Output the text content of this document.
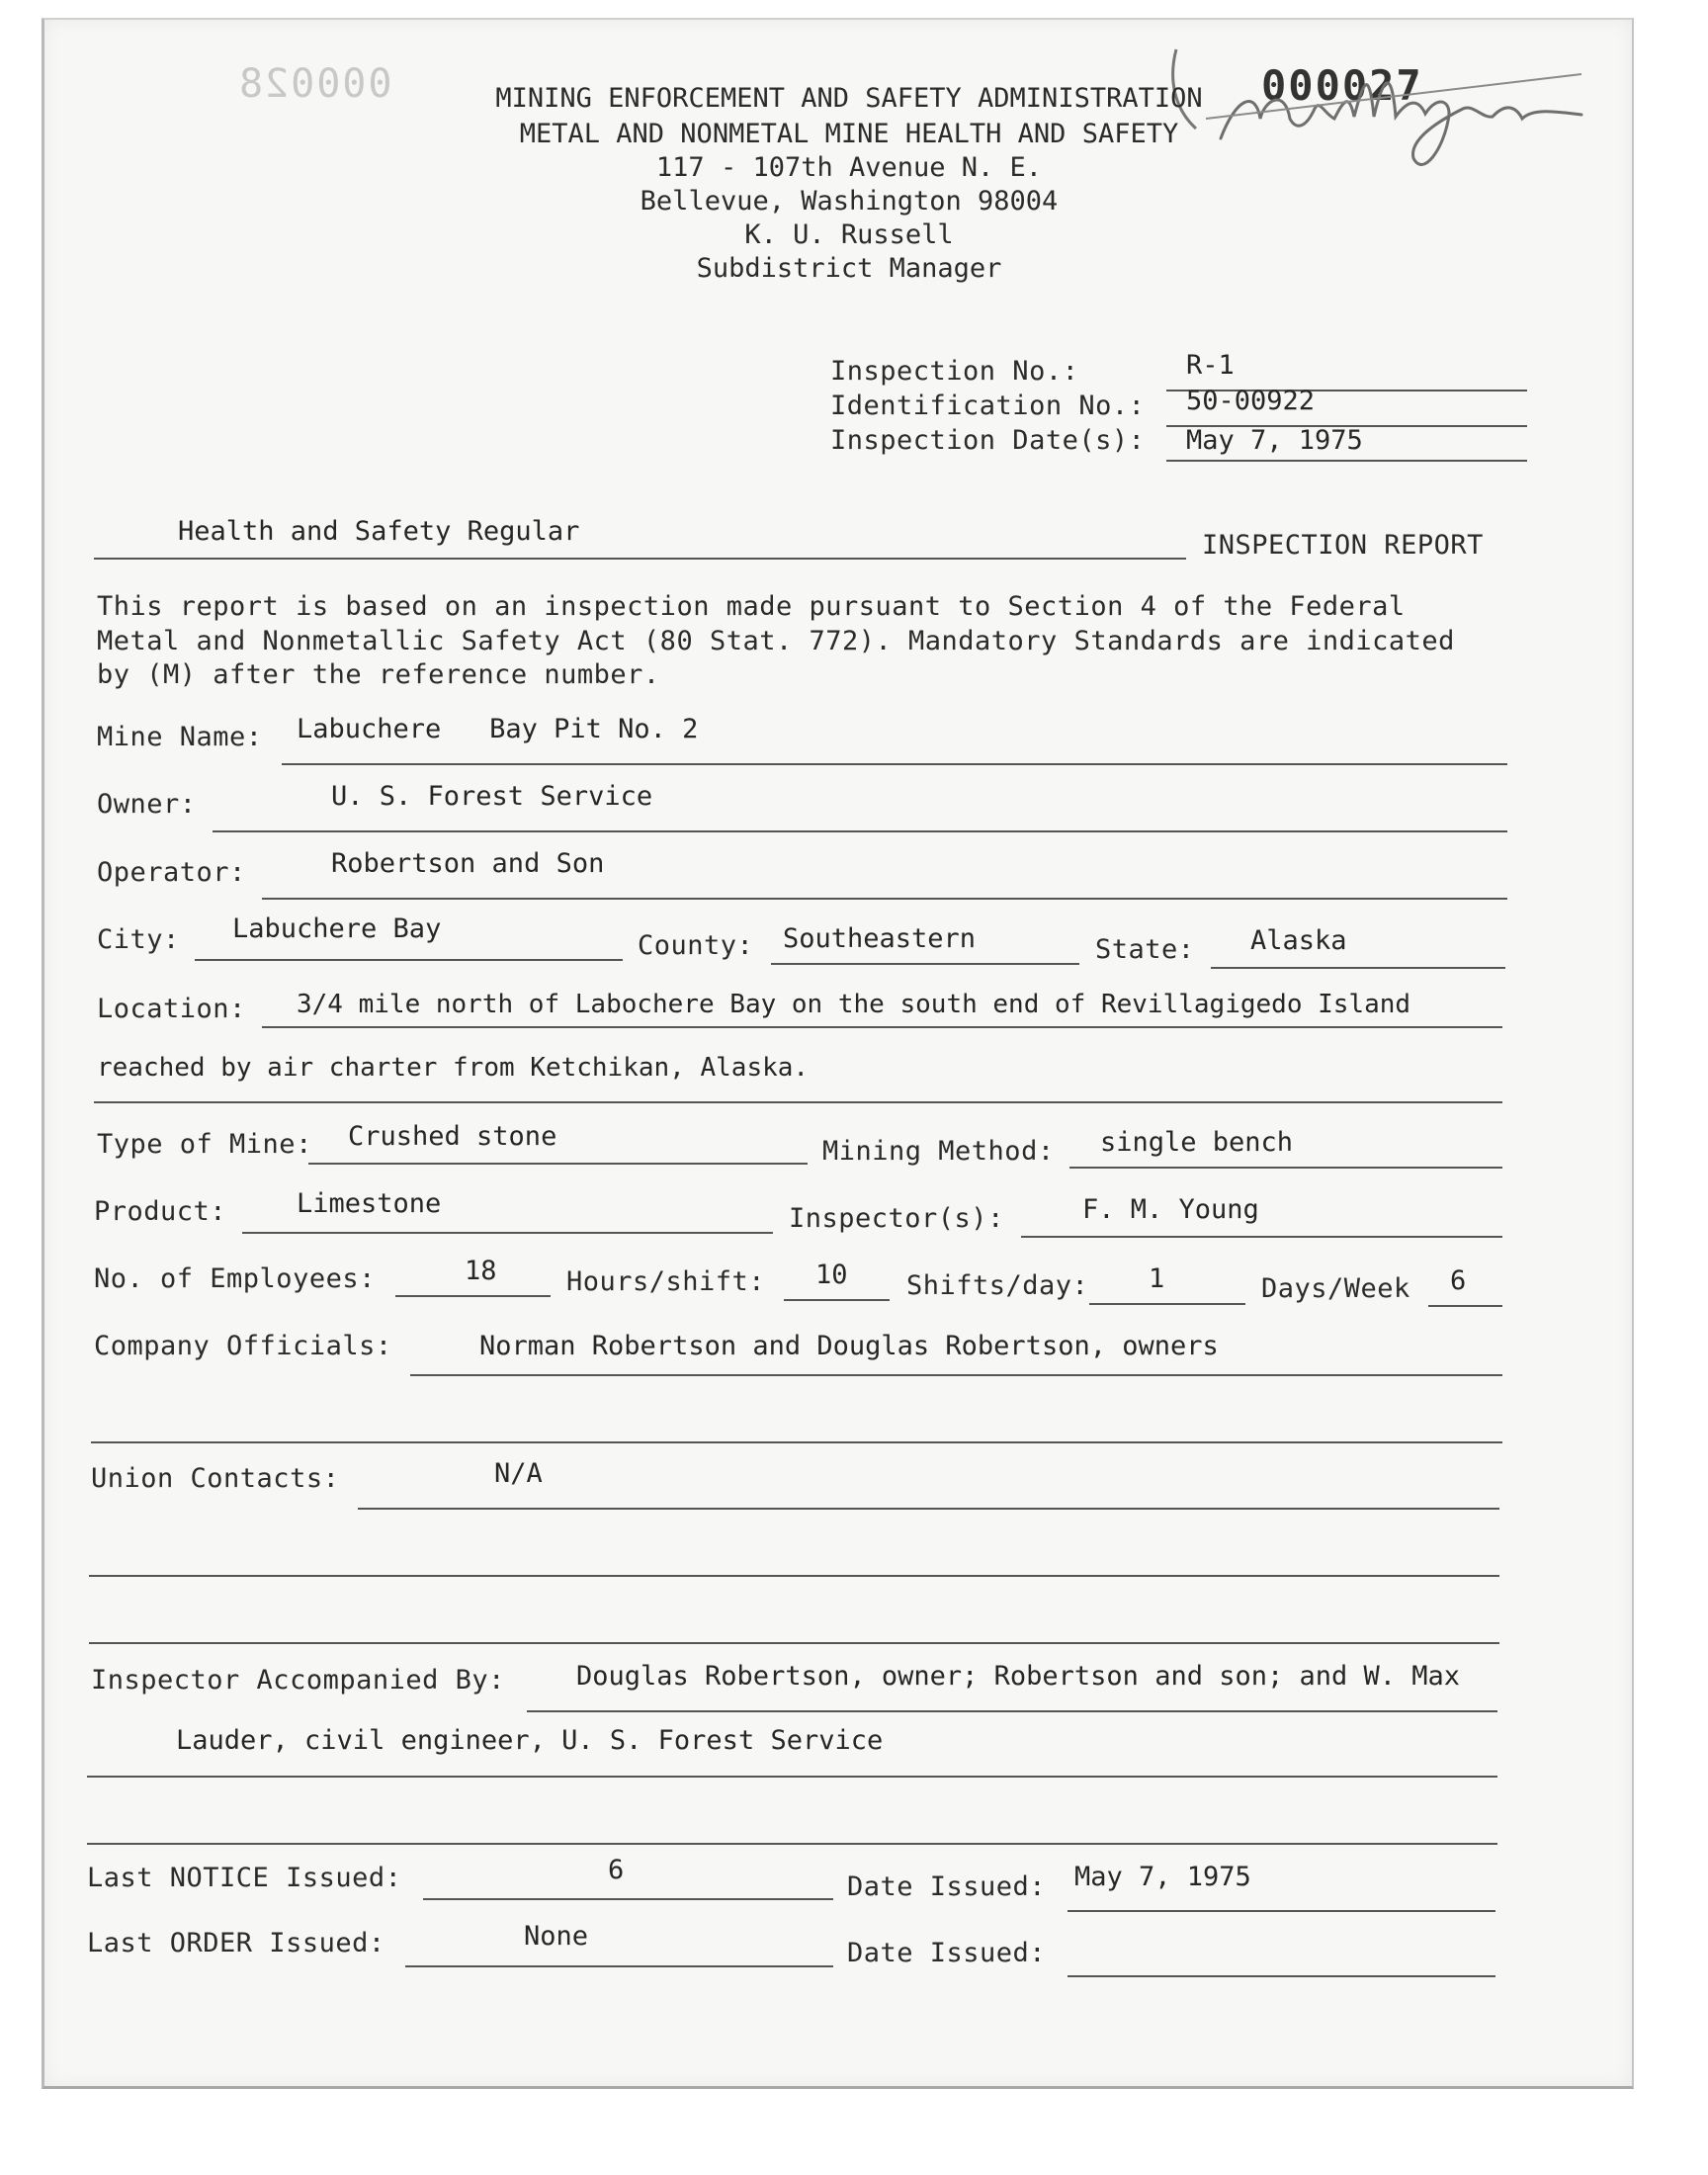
000028	000027
MINING ENFORCEMENT AND SAFETY ADMINISTRATION
METAL AND NONMETAL MINE HEALTH AND SAFETY
117 - 107th Avenue N. E.
Bellevue, Washington 98004
K. U. Russell
Subdistrict Manager
Inspection No.:	R-1
Identification No.: 50-00922
Inspection Date(s): May 7, 1975
Health and Safety Regular	INSPECTION REPORT
This report is based on an inspection made pursuant to Section 4 of the Federal
Metal and Nonmetallic Safety Act (80 Stat. 772). Mandatory Standards are indicated
by (M) after the reference number.
Mine Name: Labuchere   Bay Pit No. 2
Owner:	U. S. Forest Service
Operator:	Robertson and Son
City: Labuchere Bay
County: Southeastern	State: Alaska
Location: 3/4 mile north of Labochere Bay on the south end of Revillagigedo Island
reached by air charter from Ketchikan, Alaska.
Type of Mine: Crushed stone	Mining Method: single bench
Product:	Limestone	Inspector(s):	F. M. Young
No. of Employees:	18	Hours/shift: 10 Shifts/day: 1	Days/Week 6
Company Officials:	Norman Robertson and Douglas Robertson, owners
Union Contacts:	N/A
Inspector Accompanied By:	Douglas Robertson, owner; Robertson and son; and W. Max
Lauder, civil engineer, U. S. Forest Service
Last NOTICE Issued:	6
Date Issued: May 7, 1975
Last ORDER Issued:	None
Date Issued:
